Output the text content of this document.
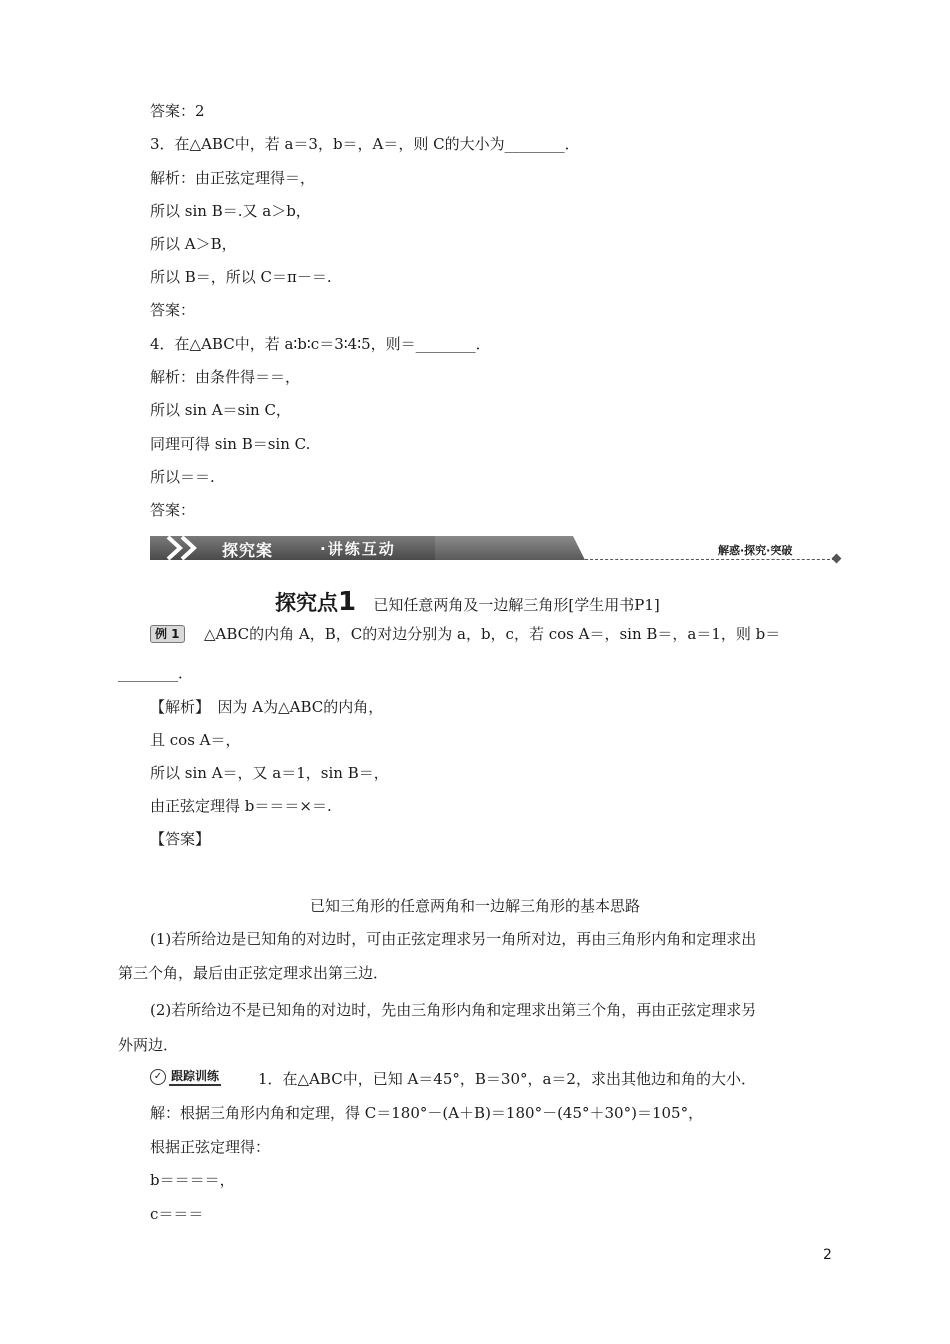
答案：2
3．在△ABC中，若 a＝3，b＝，A＝，则 C的大小为________．
解析：由正弦定理得＝，
所以 sin B＝.又 a＞b，
所以 A＞B，
所以 B＝，所以 C＝π－＝.
答案：
4．在△ABC中，若 a∶b∶c＝3∶4∶5，则＝________．
解析：由条件得＝＝，
所以 sin A＝sin C，
同理可得 sin B＝sin C.
所以＝＝.
答案：
探究案	·讲练互动	解惑·探究·突破
探究点1 已知任意两角及一边解三角形[学生用书P1]
例 1	△ABC的内角 A，B，C的对边分别为 a，b，c，若 cos A＝，sin B＝，a＝1，则 b＝
________．
【解析】　因为 A为△ABC的内角，
且 cos A＝，
所以 sin A＝，又 a＝1，sin B＝，
由正弦定理得 b＝＝＝×＝.
【答案】
已知三角形的任意两角和一边解三角形的基本思路
(1)若所给边是已知角的对边时，可由正弦定理求另一角所对边，再由三角形内角和定理求出
第三个角，最后由正弦定理求出第三边．
(2)若所给边不是已知角的对边时，先由三角形内角和定理求出第三个角，再由正弦定理求另
外两边．
✓ 跟踪训练	1．在△ABC中，已知 A＝45°，B＝30°，a＝2，求出其他边和角的大小．
解：根据三角形内角和定理，得 C＝180°－(A＋B)＝180°－(45°＋30°)＝105°，
根据正弦定理得：
b＝＝＝＝，
c＝＝＝
2
